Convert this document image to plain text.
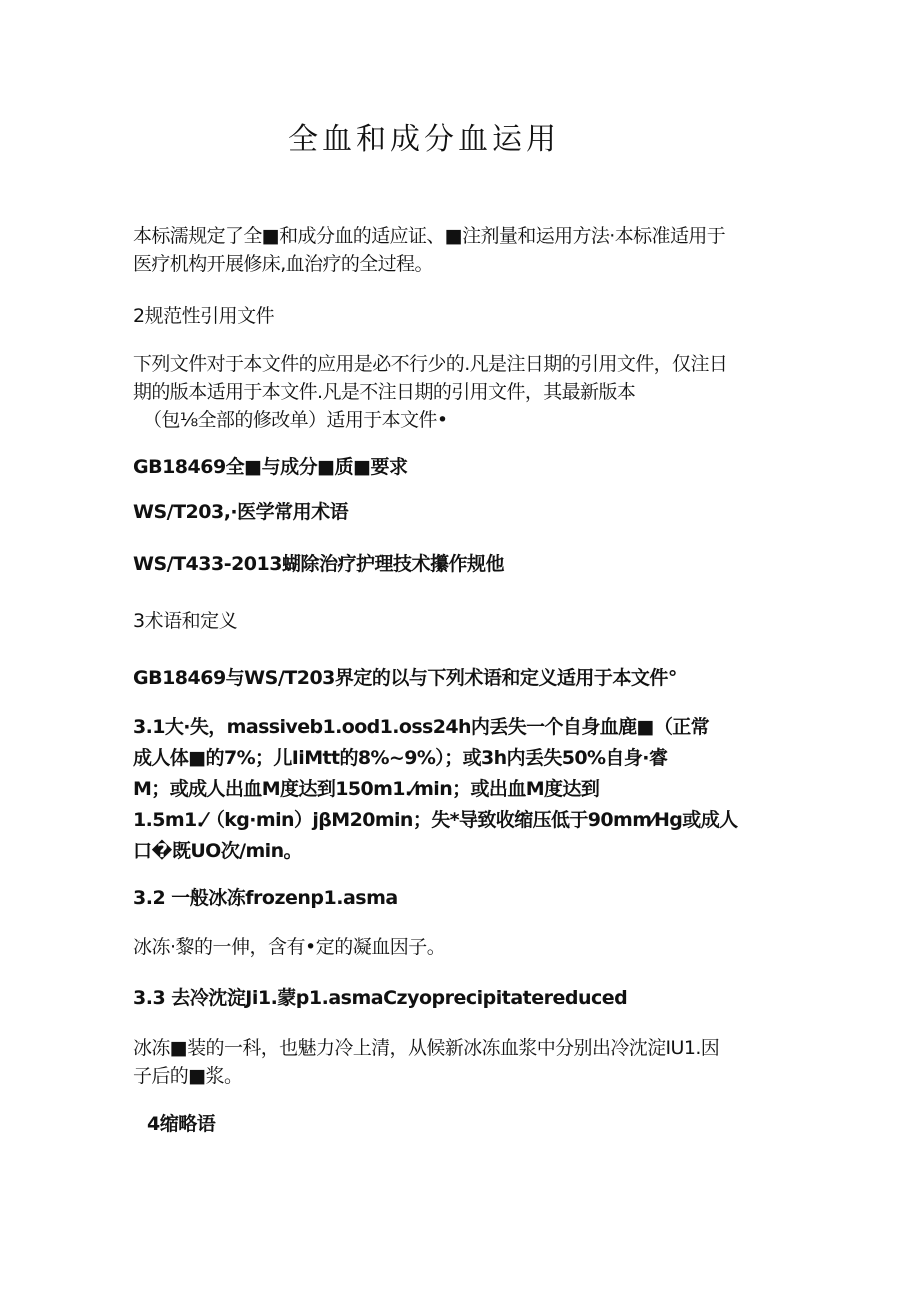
全血和成分血运用
本标濡规定了全■和成分血的适应证、■注剂量和运用方法·本标准适用于
医疗机构开展修床,血治疗的全过程。
2规范性引用文件
下列文件对于本文件的应用是必不行少的.凡是注日期的引用文件，仅注日
期的版本适用于本文件.凡是不注日期的引用文件，其最新版本
（包⅛全部的修改单）适用于本文件•
GB18469全■与成分■质■要求
WS/T203,·医学常用术语
WS/T433-2013蝴除治疗护理技术攥作规他
3术语和定义
GB18469与WS/T203界定的以与下列术语和定义适用于本文件°
3.1大·失，massiveb1.ood1.oss24h内丢失一个自身血鹿■（正常
成人体■的7%；儿IiMtt的8%~9%）；或3h内丢失50%自身·睿
M；或成人出血M度达到150m1.⁄min；或出血M度达到
1.5m1.⁄（kg·min）jβM20min；失*导致收缩压低于90mm⁄Hg或成人
口�既UO次/min。
3.2 一般冰冻frozenp1.asma
冰冻·黎的一伸，含有•定的凝血因子。
3.3 去冷沈淀Ji1.蒙p1.asmaCzyoprecipitatereduced
冰冻■装的一科，也魅力冷上清，从候新冰冻血浆中分别出冷沈淀IU1.因
子后的■浆。
4缩略语
